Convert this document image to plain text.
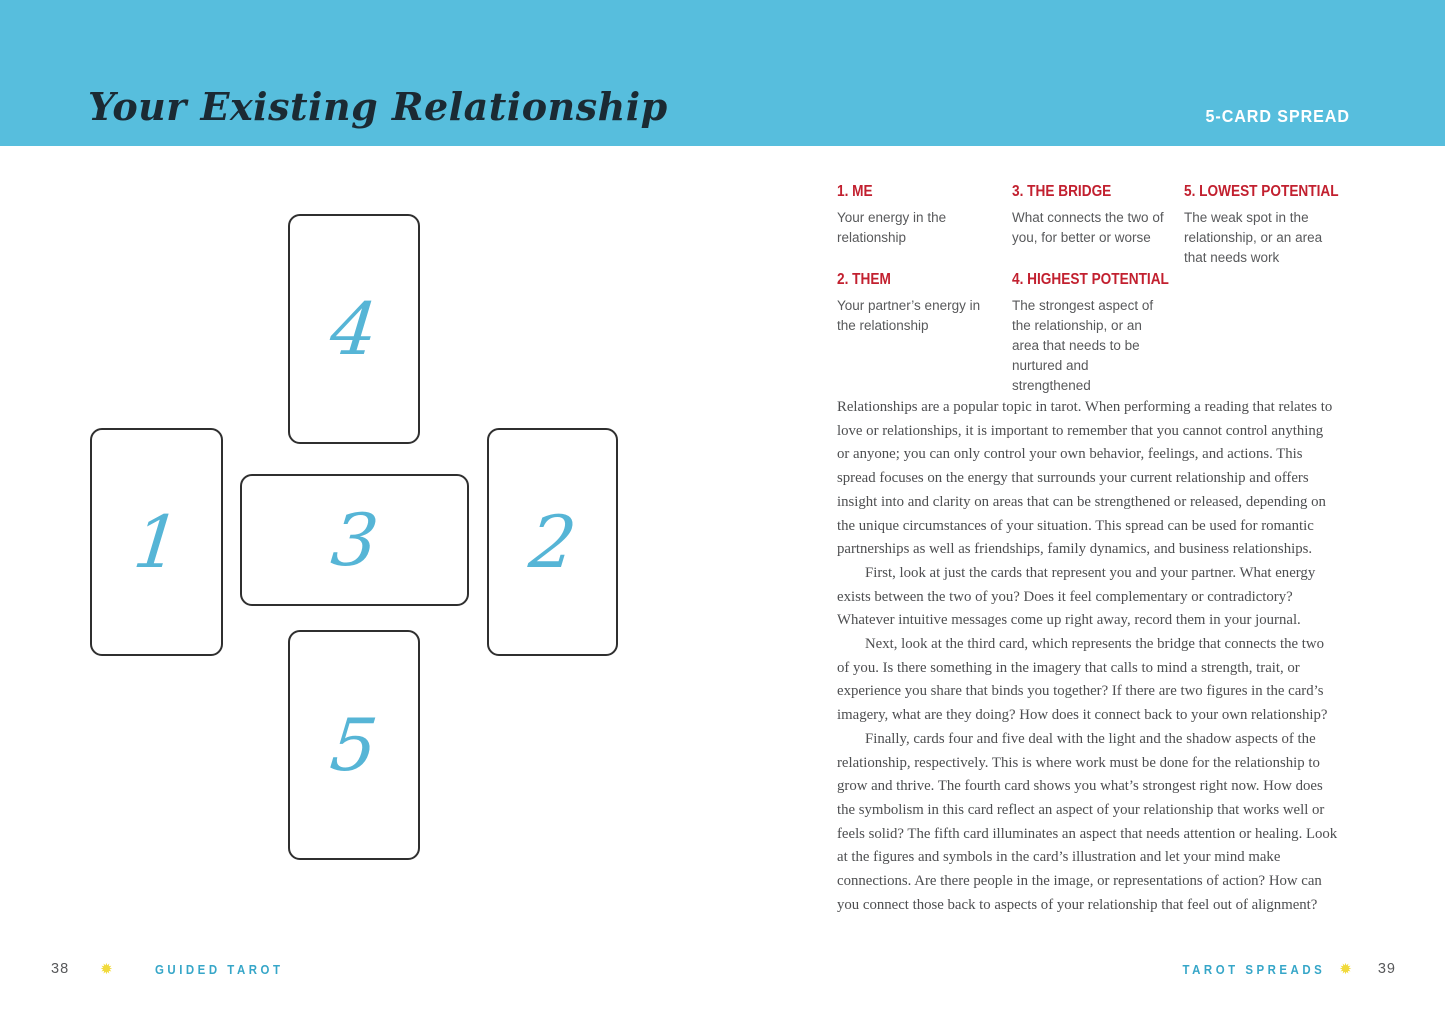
Your Existing Relationship	5-CARD SPREAD
1	2
3
4
5
1. ME
Your energy in the relationship
2. THEM
Your partner’s energy in the relationship
3. THE BRIDGE
What connects the two of you, for better or worse
4. HIGHEST POTENTIAL
The strongest aspect of the relationship, or an area that needs to be nurtured and strengthened
5. LOWEST POTENTIAL
The weak spot in the relationship, or an area that needs work

Relationships are a popular topic in tarot. When performing a reading that relates to love or relationships, it is important to remember that you cannot control anything or anyone; you can only control your own behavior, feelings, and actions. This spread focuses on the energy that surrounds your current relationship and offers insight into and clarity on areas that can be strengthened or released, depending on the unique circumstances of your situation. This spread can be used for romantic partnerships as well as friendships, family dynamics, and business relationships.

First, look at just the cards that represent you and your partner. What energy exists between the two of you? Does it feel complementary or contradictory? Whatever intuitive messages come up right away, record them in your journal.

Next, look at the third card, which represents the bridge that connects the two of you. Is there something in the imagery that calls to mind a strength, trait, or experience you share that binds you together? If there are two figures in the card’s imagery, what are they doing? How does it connect back to your own relationship?

Finally, cards four and five deal with the light and the shadow aspects of the relationship, respectively. This is where work must be done for the relationship to grow and thrive. The fourth card shows you what’s strongest right now. How does the symbolism in this card reflect an aspect of your relationship that works well or feels solid? The fifth card illuminates an aspect that needs attention or healing. Look at the figures and symbols in the card’s illustration and let your mind make connections. Are there people in the image, or representations of action? How can you connect those back to aspects of your relationship that feel out of alignment?

38 ✹	GUIDED TAROT	TAROT SPREADS ✹ 39
